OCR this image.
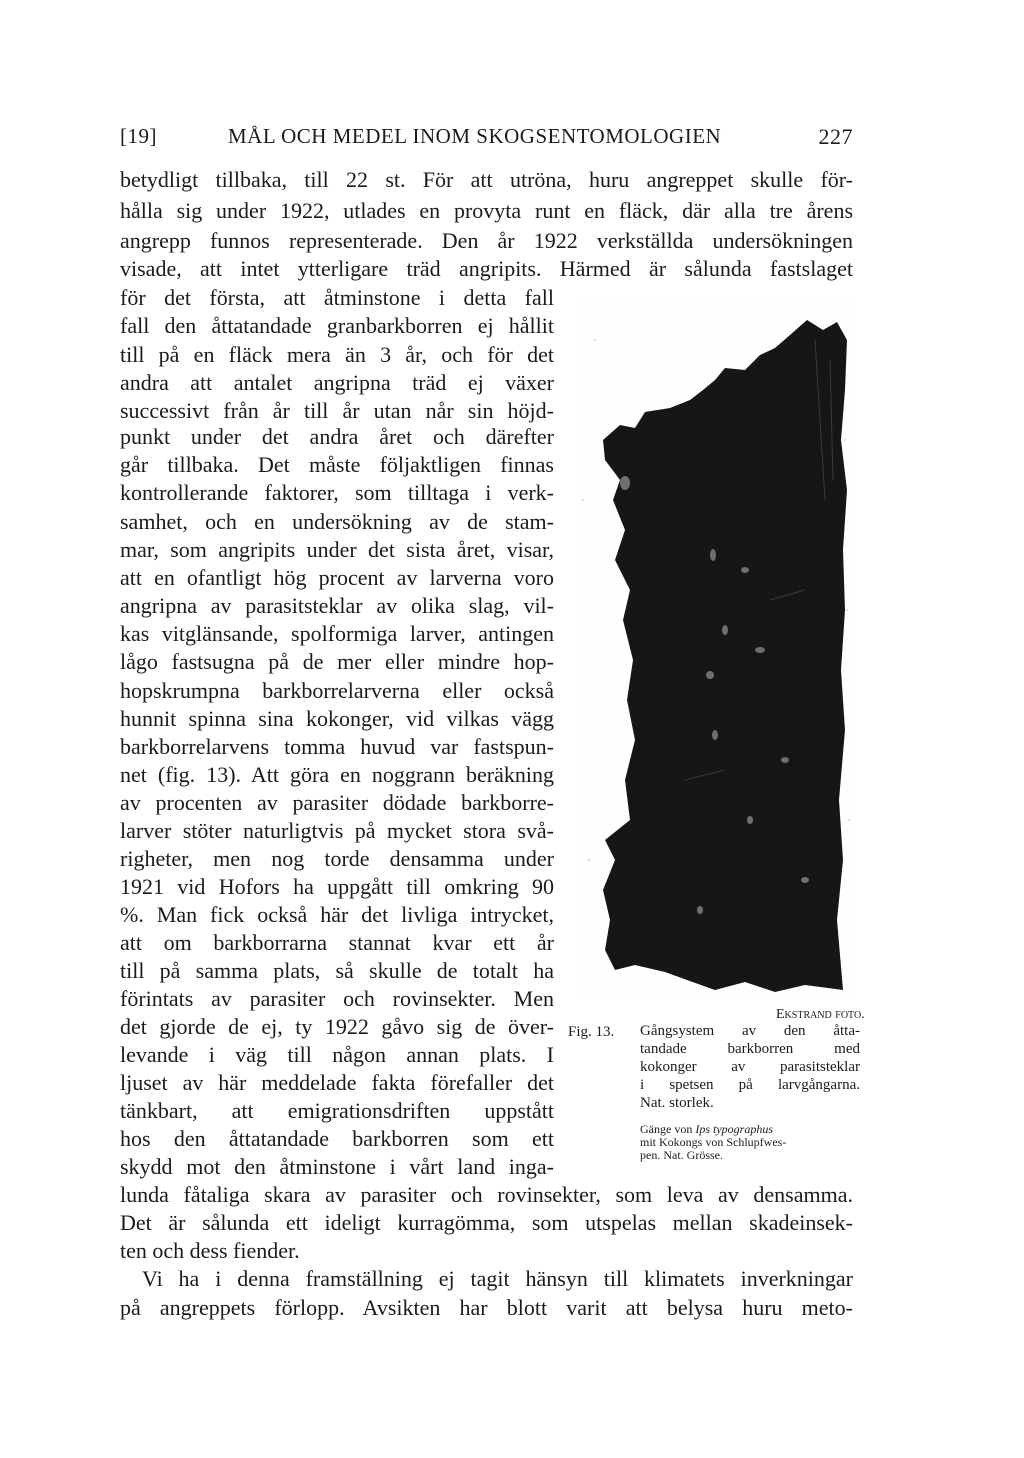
[19]	MÅL OCH MEDEL INOM SKOGSENTOMOLOGIEN	227
betydligt tillbaka, till 22 st. För att utröna, huru angreppet skulle för-
hålla sig under 1922, utlades en provyta runt en fläck, där alla tre årens
angrepp funnos representerade. Den år 1922 verkställda undersökningen
visade, att intet ytterligare träd angripits. Härmed är sålunda fastslaget
för det första, att åtminstone i detta fall
fall den åttatandade granbarkborren ej hållit
till på en fläck mera än 3 år, och för det
andra att antalet angripna träd ej växer
successivt från år till år utan når sin höjd-
punkt under det andra året och därefter
går tillbaka. Det måste följaktligen finnas
kontrollerande faktorer, som tilltaga i verk-
samhet, och en undersökning av de stam-
mar, som angripits under det sista året, visar,
att en ofantligt hög procent av larverna voro
angripna av parasitsteklar av olika slag, vil-
kas vitglänsande, spolformiga larver, antingen
lågo fastsugna på de mer eller mindre hop-
hopskrumpna barkborrelarverna eller också
hunnit spinna sina kokonger, vid vilkas vägg
barkborrelarvens tomma huvud var fastspun-
net (fig. 13). Att göra en noggrann beräkning
av procenten av parasiter dödade barkborre-
larver stöter naturligtvis på mycket stora svå-
righeter, men nog torde densamma under
1921 vid Hofors ha uppgått till omkring 90
%. Man fick också här det livliga intrycket,
att om barkborrarna stannat kvar ett år
till på samma plats, så skulle de totalt ha
förintats av parasiter och rovinsekter. Men
det gjorde de ej, ty 1922 gåvo sig de över-
levande i väg till någon annan plats. I
ljuset av här meddelade fakta förefaller det
tänkbart, att emigrationsdriften uppstått
hos den åttatandade barkborren som ett
skydd mot den åtminstone i vårt land inga-
lunda fåtaliga skara av parasiter och rovinsekter, som leva av densamma.
Det är sålunda ett ideligt kurragömma, som utspelas mellan skadeinsek-
ten och dess fiender.
Vi ha i denna framställning ej tagit hänsyn till klimatets inverkningar
på angreppets förlopp. Avsikten har blott varit att belysa huru meto-
Ekstrand foto.
Fig. 13. Gångsystem av den åtta-
tandade barkborren med
kokonger av parasitsteklar
i spetsen på larvgångarna.
Nat. storlek.
Gänge von Ips typographus
mit Kokongs von Schlupfwes-
pen. Nat. Grösse.
